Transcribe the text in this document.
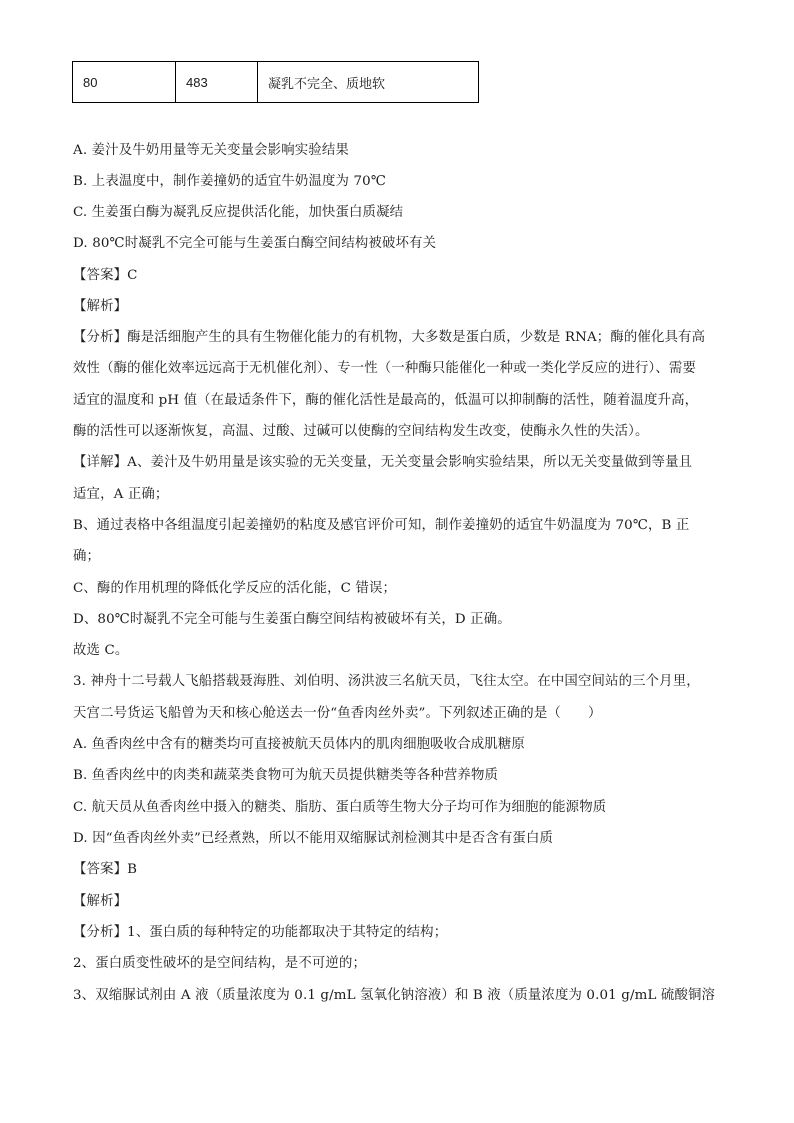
80	483	凝乳不完全、质地软
A. 姜汁及牛奶用量等无关变量会影响实验结果
B. 上表温度中，制作姜撞奶的适宜牛奶温度为 70℃
C. 生姜蛋白酶为凝乳反应提供活化能，加快蛋白质凝结
D. 80℃时凝乳不完全可能与生姜蛋白酶空间结构被破坏有关
【答案】C
【解析】
【分析】酶是活细胞产生的具有生物催化能力的有机物，大多数是蛋白质，少数是 RNA；酶的催化具有高
效性（酶的催化效率远远高于无机催化剂）、专一性（一种酶只能催化一种或一类化学反应的进行）、需要
适宜的温度和 pH 值（在最适条件下，酶的催化活性是最高的，低温可以抑制酶的活性，随着温度升高，
酶的活性可以逐渐恢复，高温、过酸、过碱可以使酶的空间结构发生改变，使酶永久性的失活）。
【详解】A、姜汁及牛奶用量是该实验的无关变量，无关变量会影响实验结果，所以无关变量做到等量且
适宜，A 正确；
B、通过表格中各组温度引起姜撞奶的粘度及感官评价可知，制作姜撞奶的适宜牛奶温度为 70℃，B 正
确；
C、酶的作用机理的降低化学反应的活化能，C 错误；
D、80℃时凝乳不完全可能与生姜蛋白酶空间结构被破坏有关，D 正确。
故选 C。
3. 神舟十二号载人飞船搭载聂海胜、刘伯明、汤洪波三名航天员，飞往太空。在中国空间站的三个月里，
天宫二号货运飞船曾为天和核心舱送去一份“鱼香肉丝外卖”。下列叙述正确的是（　　）
A. 鱼香肉丝中含有的糖类均可直接被航天员体内的肌肉细胞吸收合成肌糖原
B. 鱼香肉丝中的肉类和蔬菜类食物可为航天员提供糖类等各种营养物质
C. 航天员从鱼香肉丝中摄入的糖类、脂肪、蛋白质等生物大分子均可作为细胞的能源物质
D. 因“鱼香肉丝外卖”已经煮熟，所以不能用双缩脲试剂检测其中是否含有蛋白质
【答案】B
【解析】
【分析】1、蛋白质的每种特定的功能都取决于其特定的结构；
2、蛋白质变性破坏的是空间结构，是不可逆的；
3、双缩脲试剂由 A 液（质量浓度为 0.1 g/mL 氢氧化钠溶液）和 B 液（质量浓度为 0.01 g/mL 硫酸铜溶
